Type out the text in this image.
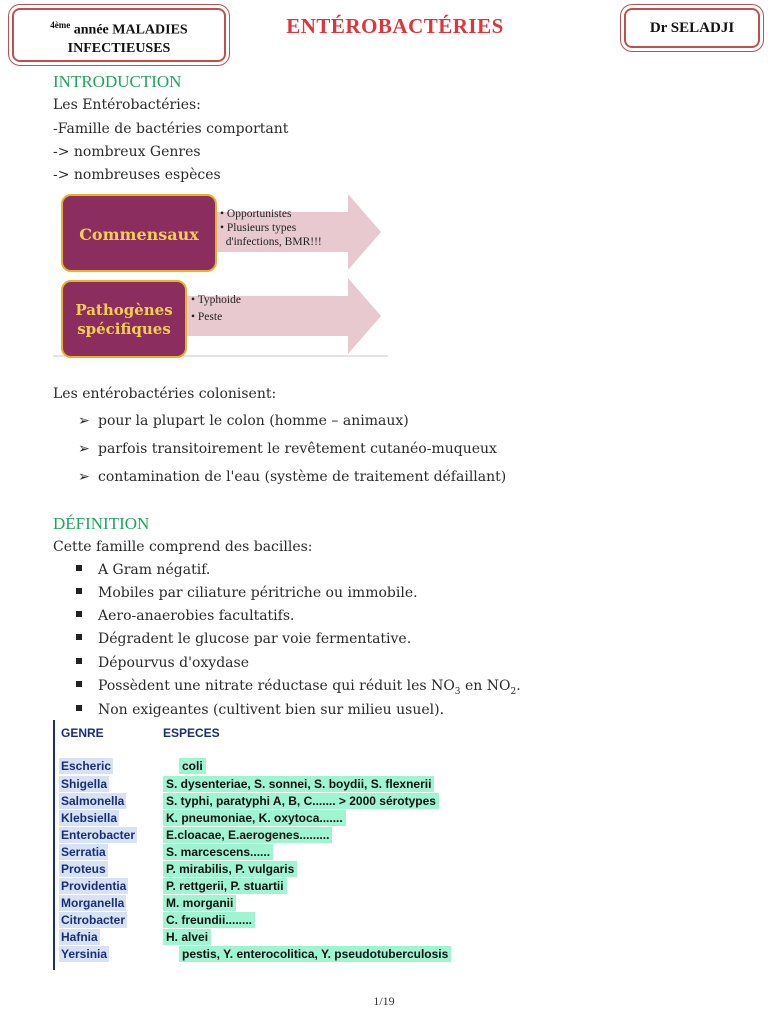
$^{4ème}$ année MALADIES
INFECTIEUSES
ENTÉROBACTÉRIES	Dr SELADJI
INTRODUCTION
Les Entérobactéries:
-Famille de bactéries comportant
-> nombreux Genres
-> nombreuses espèces
Commensaux
• Opportunistes
• Plusieurs types
d'infections, BMR!!!
Pathogènes
spécifiques
• Typhoide
• Peste
Les entérobactéries colonisent:
➢ pour la plupart le colon (homme – animaux)
➢ parfois transitoirement le revêtement cutanéo-muqueux
➢ contamination de l'eau (système de traitement défaillant)
DÉFINITION
Cette famille comprend des bacilles:
A Gram négatif.
Mobiles par ciliature péritriche ou immobile.
Aero-anaerobies facultatifs.
Dégradent le glucose par voie fermentative.
Dépourvus d'oxydase
Possèdent une nitrate réductase qui réduit les $NO_3$ en $NO_2$.
Non exigeantes (cultivent bien sur milieu usuel).
GENRE	ESPECES
Escheric	coli
Shigella	S. dysenteriae, S. sonnei, S. boydii, S. flexnerii
Salmonella	S. typhi, paratyphi A, B, C....... > 2000 sérotypes
Klebsiella	K. pneumoniae, K. oxytoca.......
Enterobacter	E.cloacae, E.aerogenes.........
Serratia	S. marcescens......
Proteus	P. mirabilis, P. vulgaris
Providentia	P. rettgerii, P. stuartii
Morganella	M. morganii
Citrobacter	C. freundii........
Hafnia	H. alvei
Yersinia	pestis, Y. enterocolitica, Y. pseudotuberculosis
1/19
